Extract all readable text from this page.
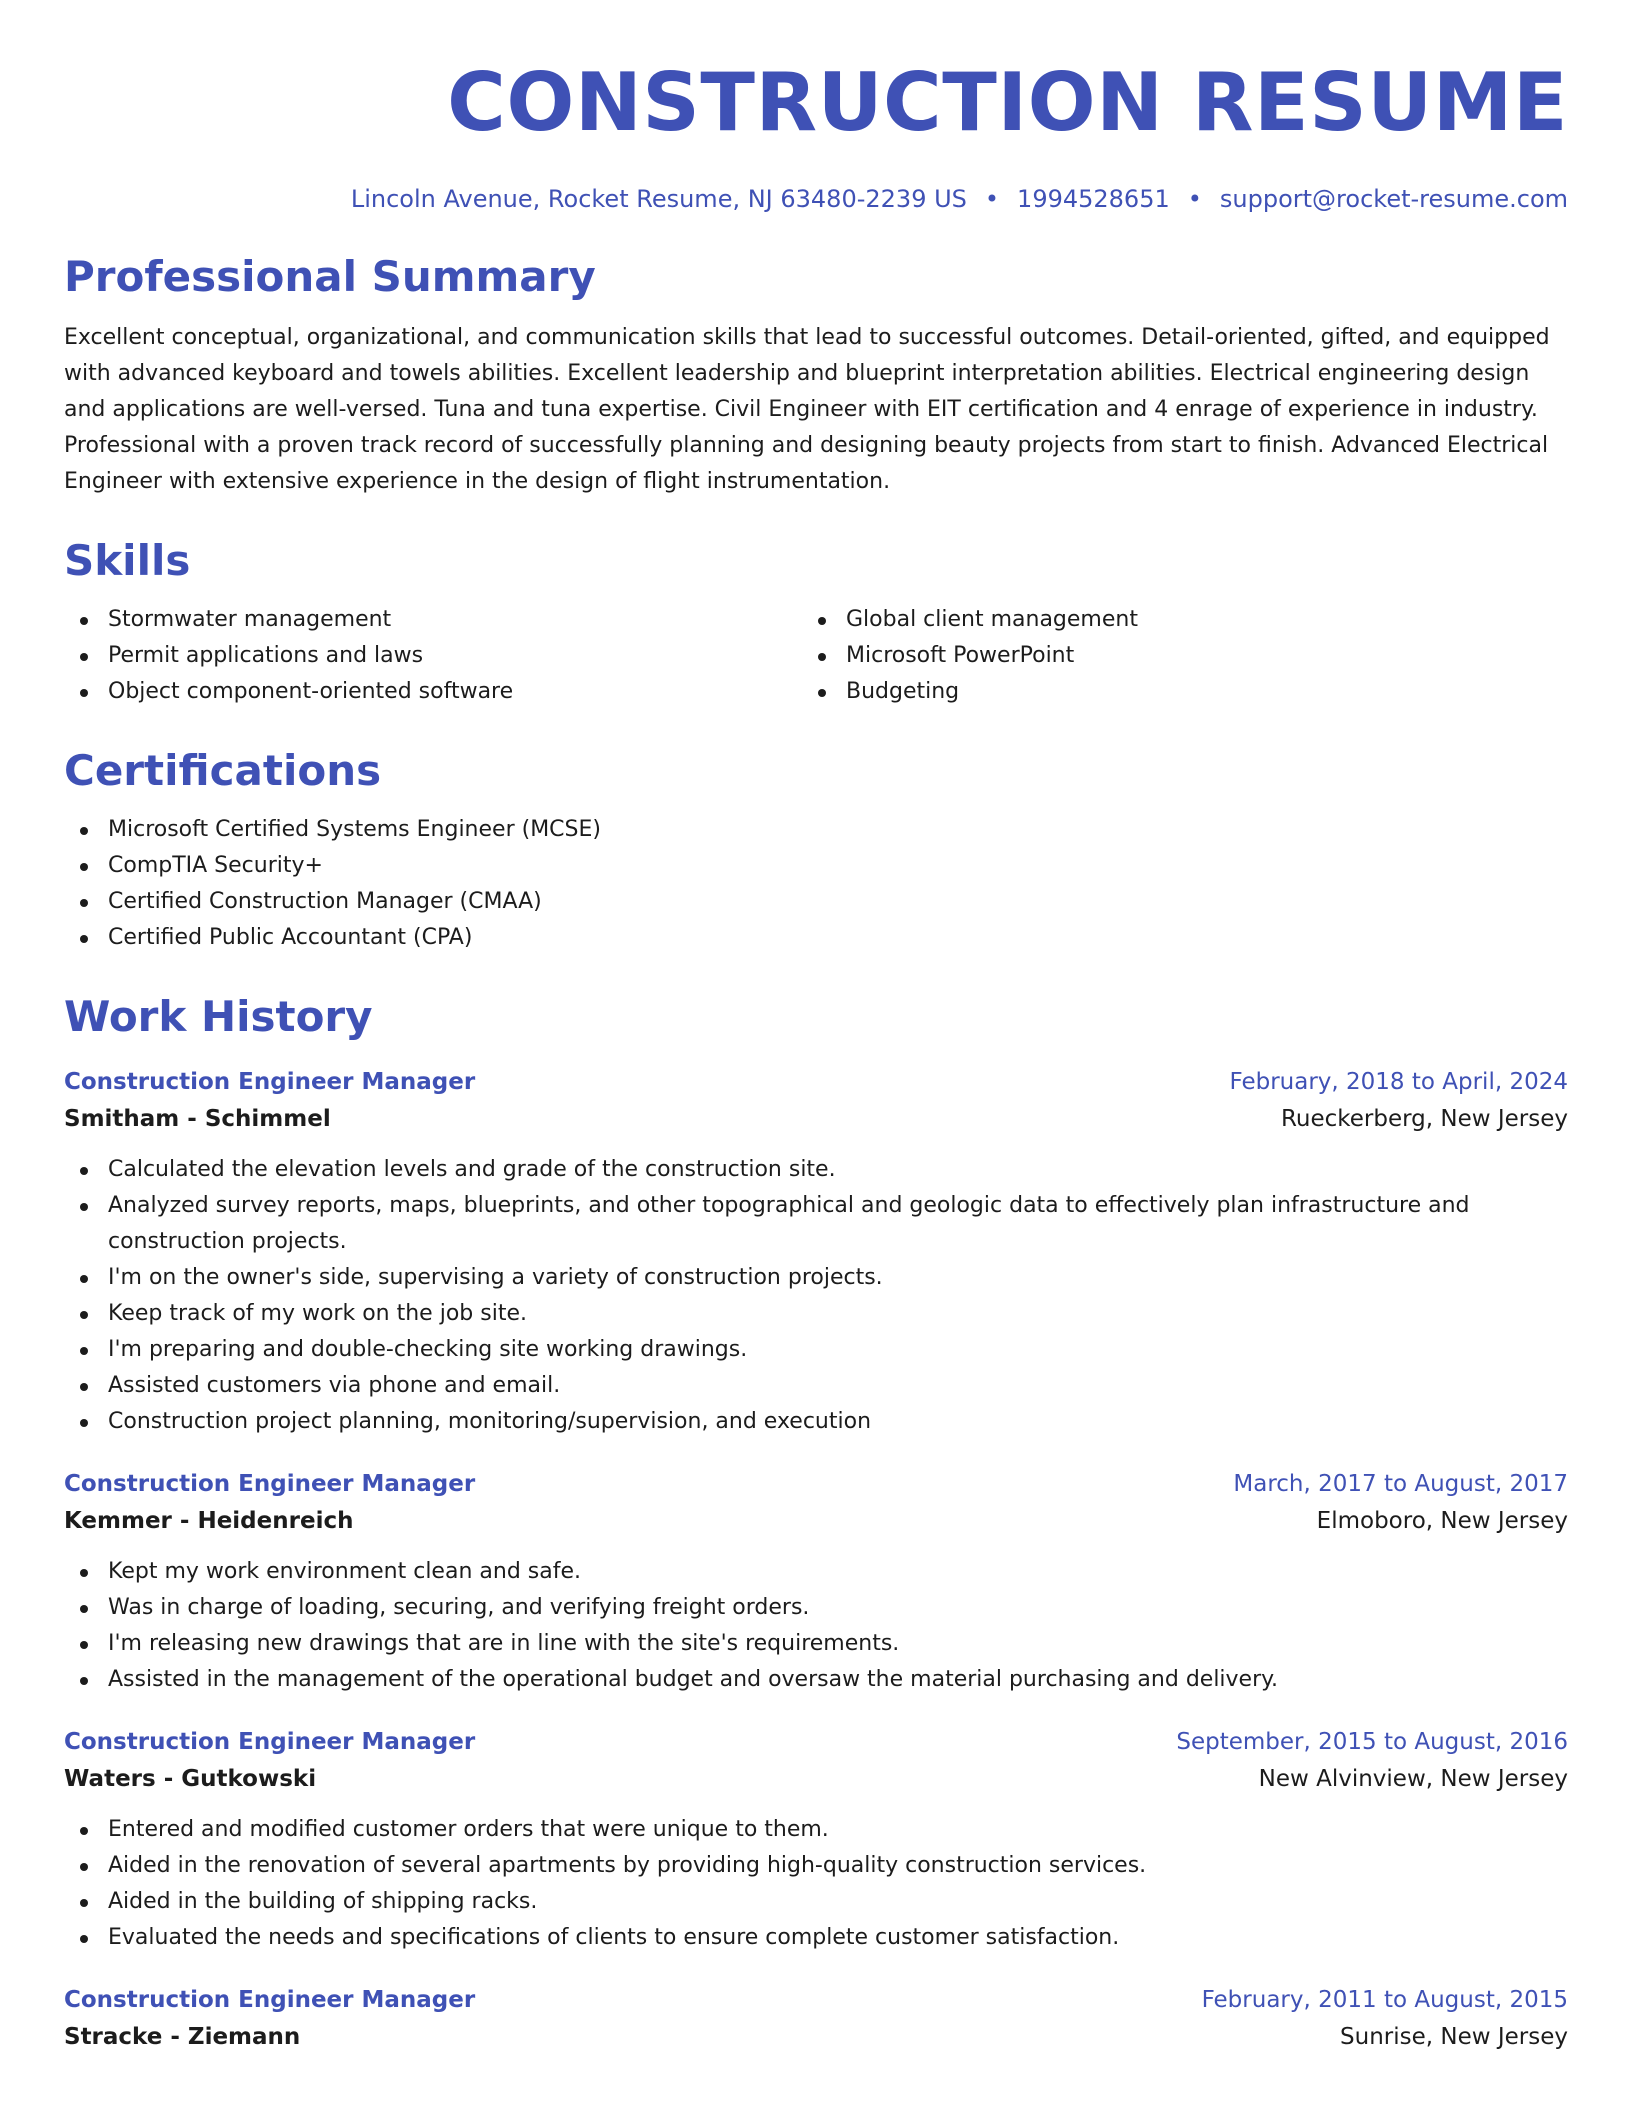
CONSTRUCTION RESUME
Lincoln Avenue, Rocket Resume, NJ 63480-2239 US • 1994528651 • support@rocket-resume.com
Professional Summary

Excellent conceptual, organizational, and communication skills that lead to successful outcomes. Detail-oriented, gifted, and equipped with advanced keyboard and towels abilities. Excellent leadership and blueprint interpretation abilities. Electrical engineering design and applications are well-versed. Tuna and tuna expertise. Civil Engineer with EIT certification and 4 enrage of experience in industry. Professional with a proven track record of successfully planning and designing beauty projects from start to finish. Advanced Electrical Engineer with extensive experience in the design of flight instrumentation.

Skills
Stormwater management
Permit applications and laws
Object component-oriented software
Global client management
Microsoft PowerPoint
Budgeting
Certifications
Microsoft Certified Systems Engineer (MCSE)
CompTIA Security+
Certified Construction Manager (CMAA)
Certified Public Accountant (CPA)
Work History
Construction Engineer Manager	February, 2018 to April, 2024
Smitham - Schimmel	Rueckerberg, New Jersey
Calculated the elevation levels and grade of the construction site.
Analyzed survey reports, maps, blueprints, and other topographical and geologic data to effectively plan infrastructure and construction projects.
I'm on the owner's side, supervising a variety of construction projects.
Keep track of my work on the job site.
I'm preparing and double-checking site working drawings.
Assisted customers via phone and email.
Construction project planning, monitoring/supervision, and execution
Construction Engineer Manager	March, 2017 to August, 2017
Kemmer - Heidenreich	Elmoboro, New Jersey
Kept my work environment clean and safe.
Was in charge of loading, securing, and verifying freight orders.
I'm releasing new drawings that are in line with the site's requirements.
Assisted in the management of the operational budget and oversaw the material purchasing and delivery.
Construction Engineer Manager	September, 2015 to August, 2016
Waters - Gutkowski	New Alvinview, New Jersey
Entered and modified customer orders that were unique to them.
Aided in the renovation of several apartments by providing high-quality construction services.
Aided in the building of shipping racks.
Evaluated the needs and specifications of clients to ensure complete customer satisfaction.
Construction Engineer Manager	February, 2011 to August, 2015
Stracke - Ziemann	Sunrise, New Jersey
